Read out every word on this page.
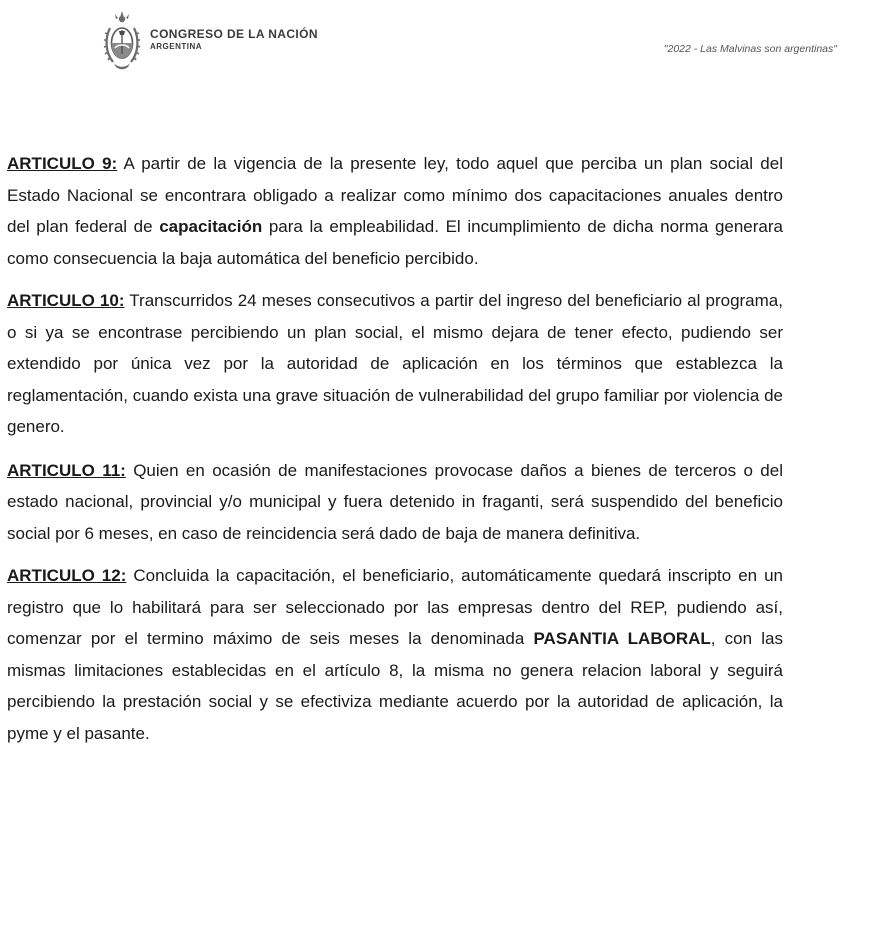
CONGRESO DE LA NACIÓN
ARGENTINA	"2022 - Las Malvinas son argentinas"

ARTICULO 9: A partir de la vigencia de la presente ley, todo aquel que perciba un plan social del Estado Nacional se encontrara obligado a realizar como mínimo dos capacitaciones anuales dentro del plan federal de capacitación para la empleabilidad. El incumplimiento de dicha norma generara como consecuencia la baja automática del beneficio percibido.

ARTICULO 10: Transcurridos 24 meses consecutivos a partir del ingreso del beneficiario al programa, o si ya se encontrase percibiendo un plan social, el mismo dejara de tener efecto, pudiendo ser extendido por única vez por la autoridad de aplicación en los términos que establezca la reglamentación, cuando exista una grave situación de vulnerabilidad del grupo familiar por violencia de genero.

ARTICULO 11: Quien en ocasión de manifestaciones provocase daños a bienes de terceros o del estado nacional, provincial y/o municipal y fuera detenido in fraganti, será suspendido del beneficio social por 6 meses, en caso de reincidencia será dado de baja de manera definitiva.

ARTICULO 12: Concluida la capacitación, el beneficiario, automáticamente quedará inscripto en un registro que lo habilitará para ser seleccionado por las empresas dentro del REP, pudiendo así, comenzar por el termino máximo de seis meses la denominada PASANTIA LABORAL, con las mismas limitaciones establecidas en el artículo 8, la misma no genera relacion laboral y seguirá percibiendo la prestación social y se efectiviza mediante acuerdo por la autoridad de aplicación, la pyme y el pasante.
